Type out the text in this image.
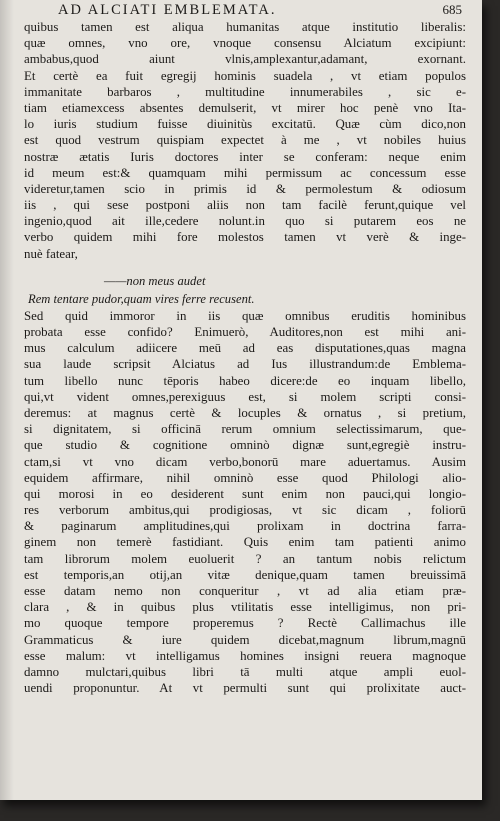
AD ALCIATI EMBLEMATA.	685
quibus tamen est aliqua humanitas atque institutio liberalis:
quæ omnes, vno ore, vnoque consensu Alciatum excipiunt:
ambabus,quod aiunt vlnis,amplexantur,adamant, exornant.
Et certè ea fuit egregij hominis suadela , vt etiam populos
immanitate barbaros , multitudine innumerabiles , sic e-
tiam etiamexcess absentes demulserit, vt mirer hoc penè vno Ita-
lo iuris studium fuisse diuinitùs excitatū. Quæ cùm dico,non
est quod vestrum quispiam expectet à me , vt nobiles huius
nostræ ætatis Iuris doctores inter se conferam: neque enim
id meum est:& quamquam mihi permissum ac concessum esse
videretur,tamen scio in primis id & permolestum & odiosum
iis , qui sese postponi aliis non tam facilè ferunt,quique vel
ingenio,quod ait ille,cedere nolunt.in quo si putarem eos ne
verbo quidem mihi fore molestos tamen vt verè & inge-
nuè fatear,
——non meus audet
Rem tentare pudor,quam vires ferre recusent.
Sed quid immoror in iis quæ omnibus eruditis hominibus
probata esse confido? Enimuerò, Auditores,non est mihi ani-
mus calculum adiicere meū ad eas disputationes,quas magna
sua laude scripsit Alciatus ad Ius illustrandum:de Emblema-
tum libello nunc tēporis habeo dicere:de eo inquam libello,
qui,vt vident omnes,perexiguus est, si molem scripti consi-
deremus: at magnus certè & locuples & ornatus , si pretium,
si dignitatem, si officinā rerum omnium selectissimarum, que-
que studio & cognitione omninò dignæ sunt,egregiè instru-
ctam,si vt vno dicam verbo,bonorū mare aduertamus. Ausim
equidem affirmare, nihil omninò esse quod Philologi alio-
qui morosi in eo desiderent sunt enim non pauci,qui longio-
res verborum ambitus,qui prodigiosas, vt sic dicam , foliorū
& paginarum amplitudines,qui prolixam in doctrina farra-
ginem non temerè fastidiant. Quis enim tam patienti animo
tam librorum molem euoluerit ? an tantum nobis relictum
est temporis,an otij,an vitæ denique,quam tamen breuissimā
esse datam nemo non conqueritur , vt ad alia etiam præ-
clara , & in quibus plus vtilitatis esse intelligimus, non pri-
mo quoque tempore properemus ? Rectè Callimachus ille
Grammaticus & iure quidem dicebat,magnum librum,magnū
esse malum: vt intelligamus homines insigni reuera magnoque
damno mulctari,quibus libri tā multi atque ampli euol-
uendi proponuntur. At vt permulti sunt qui prolixitate auct-
